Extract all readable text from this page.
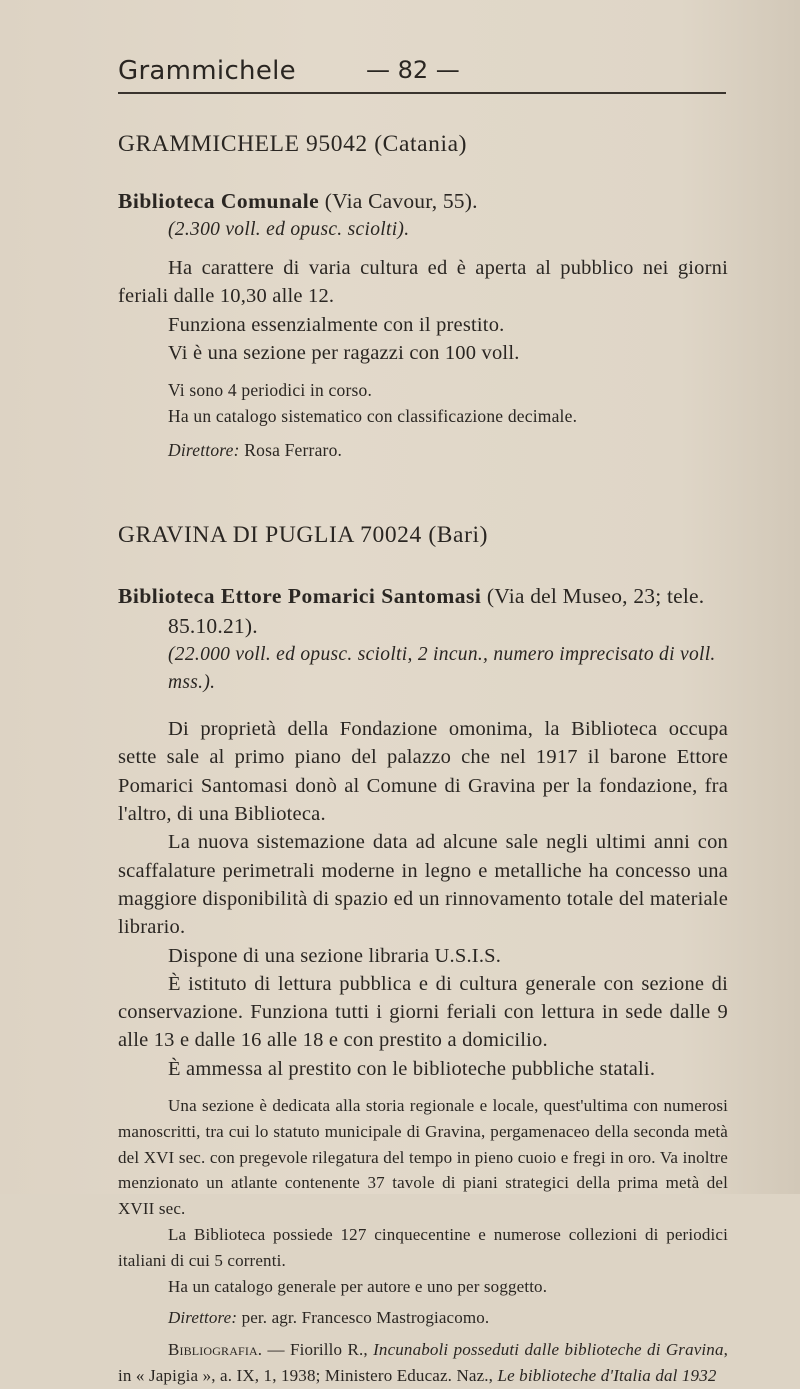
Grammichele	— 82 —
GRAMMICHELE 95042 (Catania)

Biblioteca Comunale (Via Cavour, 55).

(2.300 voll. ed opusc. sciolti).

Ha carattere di varia cultura ed è aperta al pubblico nei giorni feriali dalle 10,30 alle 12.

Funziona essenzialmente con il prestito.

Vi è una sezione per ragazzi con 100 voll.

Vi sono 4 periodici in corso.

Ha un catalogo sistematico con classificazione decimale.

Direttore: Rosa Ferraro.

GRAVINA DI PUGLIA 70024 (Bari)

Biblioteca Ettore Pomarici Santomasi (Via del Museo, 23; tele. 85.10.21).

(22.000 voll. ed opusc. sciolti, 2 incun., numero imprecisato di voll. mss.).

Di proprietà della Fondazione omonima, la Biblioteca occupa sette sale al primo piano del palazzo che nel 1917 il barone Ettore Pomarici Santomasi donò al Comune di Gravina per la fondazione, fra l'altro, di una Biblioteca.

La nuova sistemazione data ad alcune sale negli ultimi anni con scaffalature perimetrali moderne in legno e metalliche ha concesso una maggiore disponibilità di spazio ed un rinnovamento totale del materiale librario.

Dispone di una sezione libraria U.S.I.S.

È istituto di lettura pubblica e di cultura generale con sezione di conservazione. Funziona tutti i giorni feriali con lettura in sede dalle 9 alle 13 e dalle 16 alle 18 e con prestito a domicilio.

È ammessa al prestito con le biblioteche pubbliche statali.

Una sezione è dedicata alla storia regionale e locale, quest'ultima con numerosi manoscritti, tra cui lo statuto municipale di Gravina, pergamenaceo della seconda metà del XVI sec. con pregevole rilegatura del tempo in pieno cuoio e fregi in oro. Va inoltre menzionato un atlante contenente 37 tavole di piani strategici della prima metà del XVII sec.

La Biblioteca possiede 127 cinquecentine e numerose collezioni di periodici italiani di cui 5 correnti.

Ha un catalogo generale per autore e uno per soggetto.

Direttore: per. agr. Francesco Mastrogiacomo.

Bibliografia. — Fiorillo R., Incunaboli posseduti dalle biblioteche di Gravina, in « Japigia », a. IX, 1, 1938; Ministero Educaz. Naz., Le biblioteche d'Italia dal 1932
